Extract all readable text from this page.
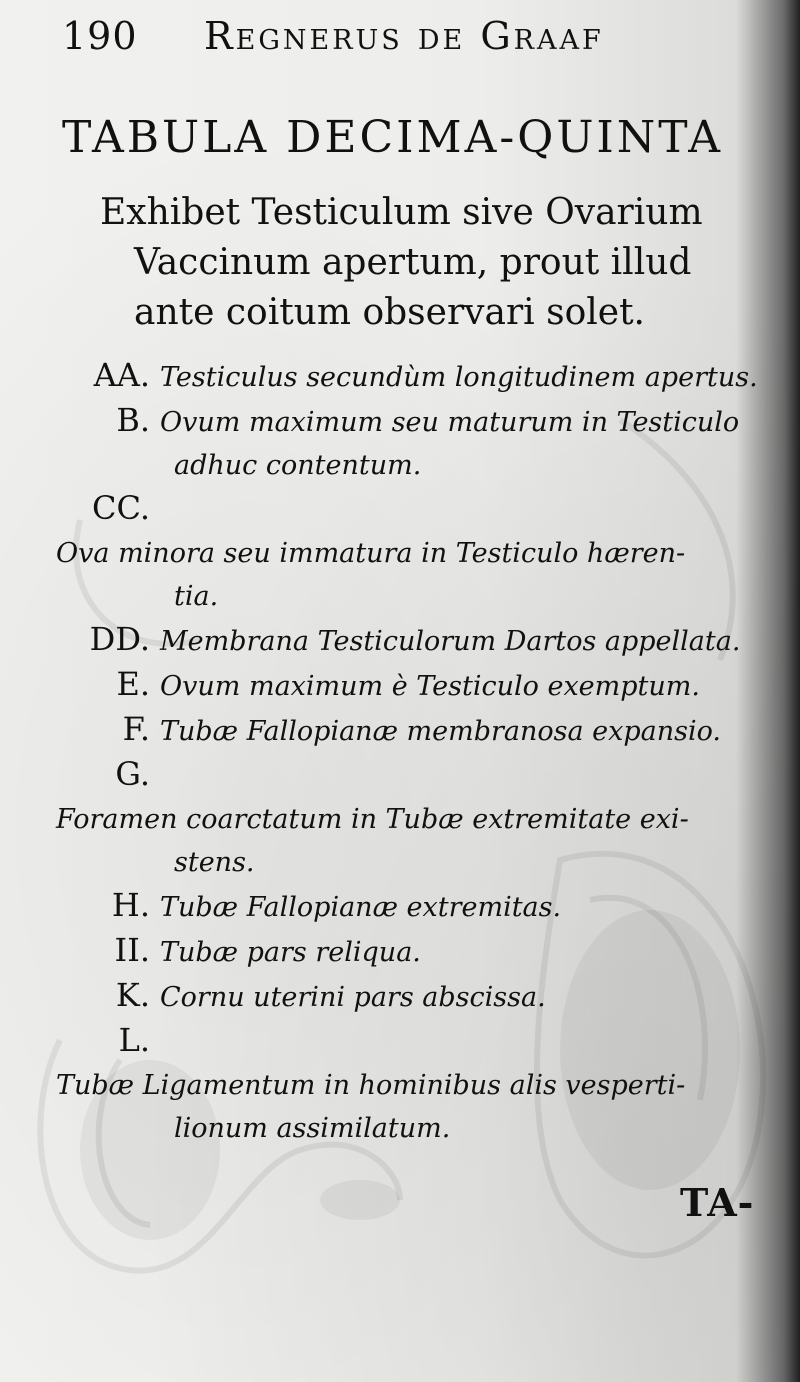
190 Regnerus de Graaf
TABULA DECIMA-QUINTA
Exhibet Testiculum sive Ovarium
Vaccinum apertum, prout illud
ante coitum observari solet.
AA. Testiculus secundùm longitudinem apertus.
B. Ovum maximum seu maturum in Testiculo
adhuc contentum.
CC.Ova minora seu immatura in Testiculo hæren-
tia.
DD. Membrana Testiculorum Dartos appellata.
E. Ovum maximum è Testiculo exemptum.
F. Tubæ Fallopianæ membranosa expansio.
G.Foramen coarctatum in Tubæ extremitate exi-
stens.
H. Tubæ Fallopianæ extremitas.
II. Tubæ pars reliqua.
K. Cornu uterini pars abscissa.
L.Tubæ Ligamentum in hominibus alis vesperti-
lionum assimilatum.
TA-
